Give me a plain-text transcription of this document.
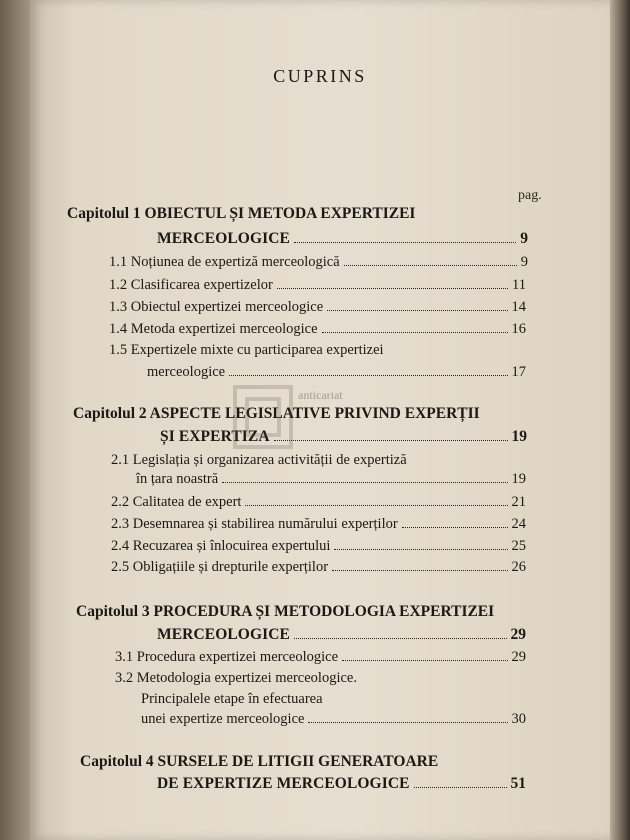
CUPRINS
pag.
Capitolul 1 OBIECTUL ȘI METODA EXPERTIZEI
MERCEOLOGICE	9
1.1 Noțiunea de expertiză merceologică	9
1.2 Clasificarea expertizelor	11
1.3 Obiectul expertizei merceologice	14
1.4 Metoda expertizei merceologice	16
1.5 Expertizele mixte cu participarea expertizei
merceologice	17
Capitolul 2 ASPECTE LEGISLATIVE PRIVIND EXPERȚII
ȘI EXPERTIZA	19
2.1 Legislația și organizarea activității de expertiză
în țara noastră	19
2.2 Calitatea de expert	21
2.3 Desemnarea și stabilirea numărului experților	24
2.4 Recuzarea și înlocuirea expertului	25
2.5 Obligațiile și drepturile experților	26
Capitolul 3 PROCEDURA ȘI METODOLOGIA EXPERTIZEI
MERCEOLOGICE	29
3.1 Procedura expertizei merceologice	29
3.2 Metodologia expertizei merceologice.
Principalele etape în efectuarea
unei expertize merceologice	30
Capitolul 4 SURSELE DE LITIGII GENERATOARE
DE EXPERTIZE MERCEOLOGICE	51
anticariat
